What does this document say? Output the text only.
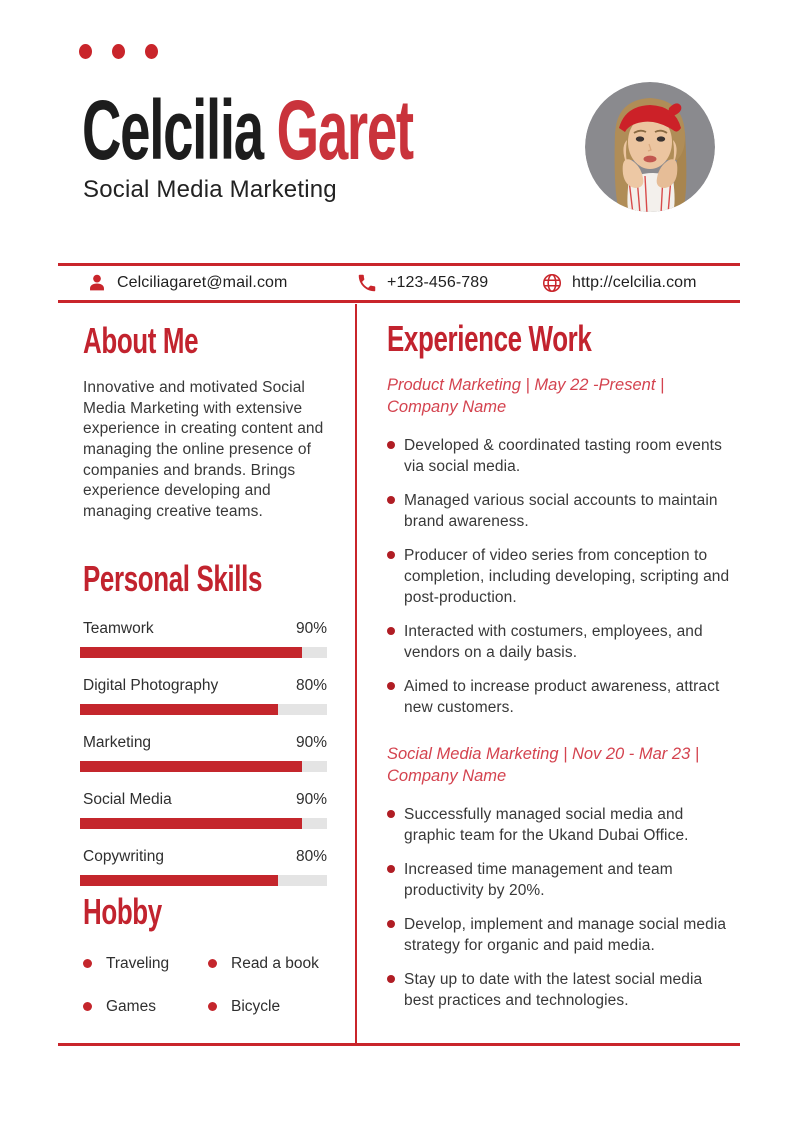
Celcilia Garet
Social Media Marketing
Celciliagaret@mail.com	+123-456-789	http://celcilia.com
About Me

Innovative and motivated Social Media Marketing with extensive experience in creating content and managing the online presence of companies and brands. Brings experience developing and managing creative teams.

Personal Skills
Teamwork	90%
Digital Photography	80%
Marketing	90%
Social Media	90%
Copywriting	80%
Hobby
Traveling	Read a book
Games	Bicycle
Experience Work
Product Marketing | May 22 -Present |
Company Name
Developed & coordinated tasting room events via social media.
Managed various social accounts to maintain brand awareness.
Producer of video series from conception to completion, including developing, scripting and post-production.
Interacted with costumers, employees, and vendors on a daily basis.
Aimed to increase product awareness, attract new customers.
Social Media Marketing | Nov 20 - Mar 23 |
Company Name
Successfully managed social media and graphic team for the Ukand Dubai Office.
Increased time management and team productivity by 20%.
Develop, implement and manage social media strategy for organic and paid media.
Stay up to date with the latest social media best practices and technologies.
